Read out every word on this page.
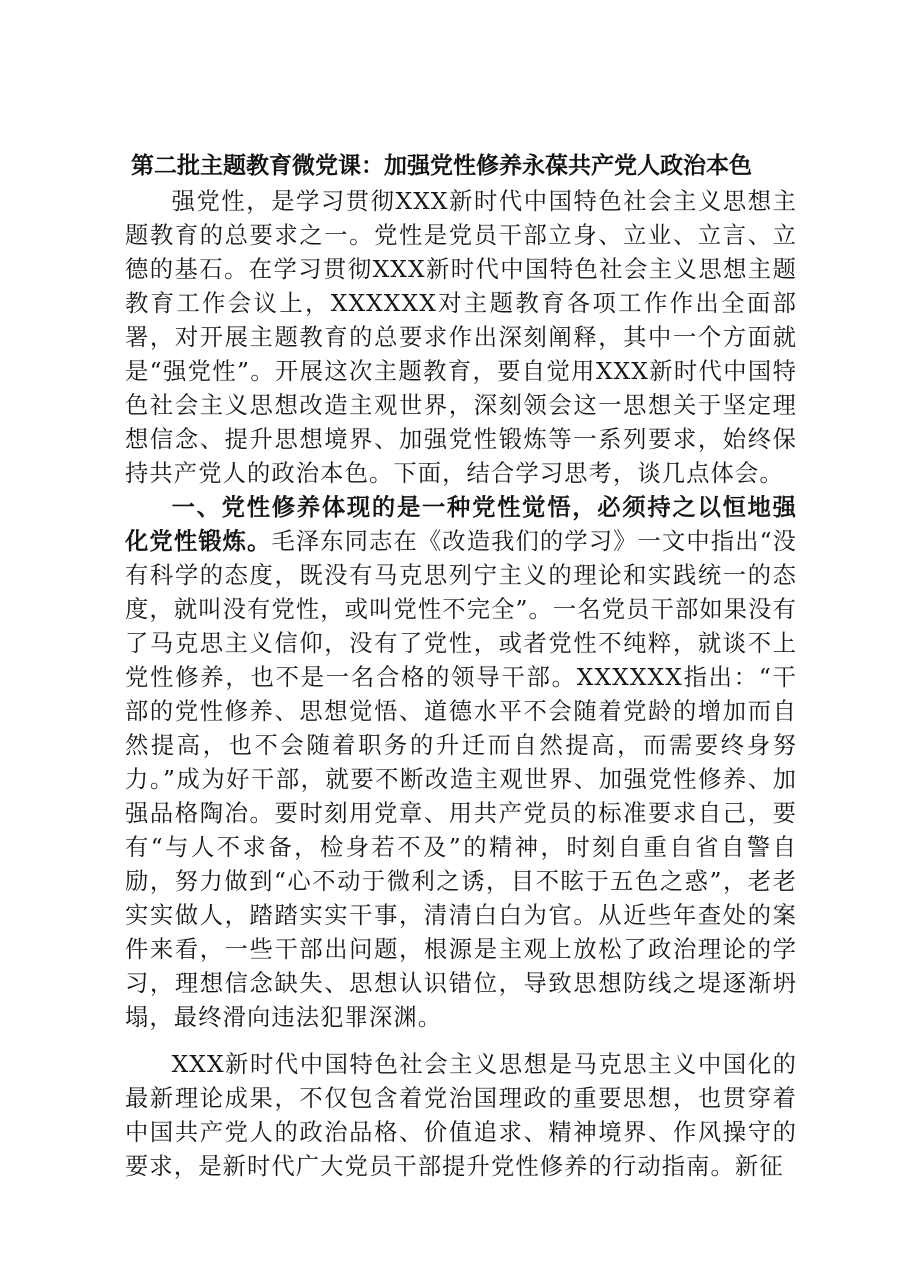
第二批主题教育微党课：加强党性修养永葆共产党人政治本色

强党性，是学习贯彻XXX新时代中国特色社会主义思想主题教育的总要求之一。党性是党员干部立身、立业、立言、立德的基石。在学习贯彻XXX新时代中国特色社会主义思想主题教育工作会议上，XXXXXX对主题教育各项工作作出全面部署，对开展主题教育的总要求作出深刻阐释，其中一个方面就是“强党性”。开展这次主题教育，要自觉用XXX新时代中国特色社会主义思想改造主观世界，深刻领会这一思想关于坚定理想信念、提升思想境界、加强党性锻炼等一系列要求，始终保持共产党人的政治本色。下面，结合学习思考，谈几点体会。

一、党性修养体现的是一种党性觉悟，必须持之以恒地强化党性锻炼。毛泽东同志在《改造我们的学习》一文中指出“没有科学的态度，既没有马克思列宁主义的理论和实践统一的态度，就叫没有党性，或叫党性不完全”。一名党员干部如果没有了马克思主义信仰，没有了党性，或者党性不纯粹，就谈不上党性修养，也不是一名合格的领导干部。XXXXXX指出：“干部的党性修养、思想觉悟、道德水平不会随着党龄的增加而自然提高，也不会随着职务的升迁而自然提高，而需要终身努力。”成为好干部，就要不断改造主观世界、加强党性修养、加强品格陶冶。要时刻用党章、用共产党员的标准要求自己，要有“与人不求备，检身若不及”的精神，时刻自重自省自警自励，努力做到“心不动于微利之诱，目不眩于五色之惑”，老老实实做人，踏踏实实干事，清清白白为官。从近些年查处的案件来看，一些干部出问题，根源是主观上放松了政治理论的学习，理想信念缺失、思想认识错位，导致思想防线之堤逐渐坍塌，最终滑向违法犯罪深渊。

XXX新时代中国特色社会主义思想是马克思主义中国化的最新理论成果，不仅包含着党治国理政的重要思想，也贯穿着中国共产党人的政治品格、价值追求、精神境界、作风操守的要求，是新时代广大党员干部提升党性修养的行动指南。新征
